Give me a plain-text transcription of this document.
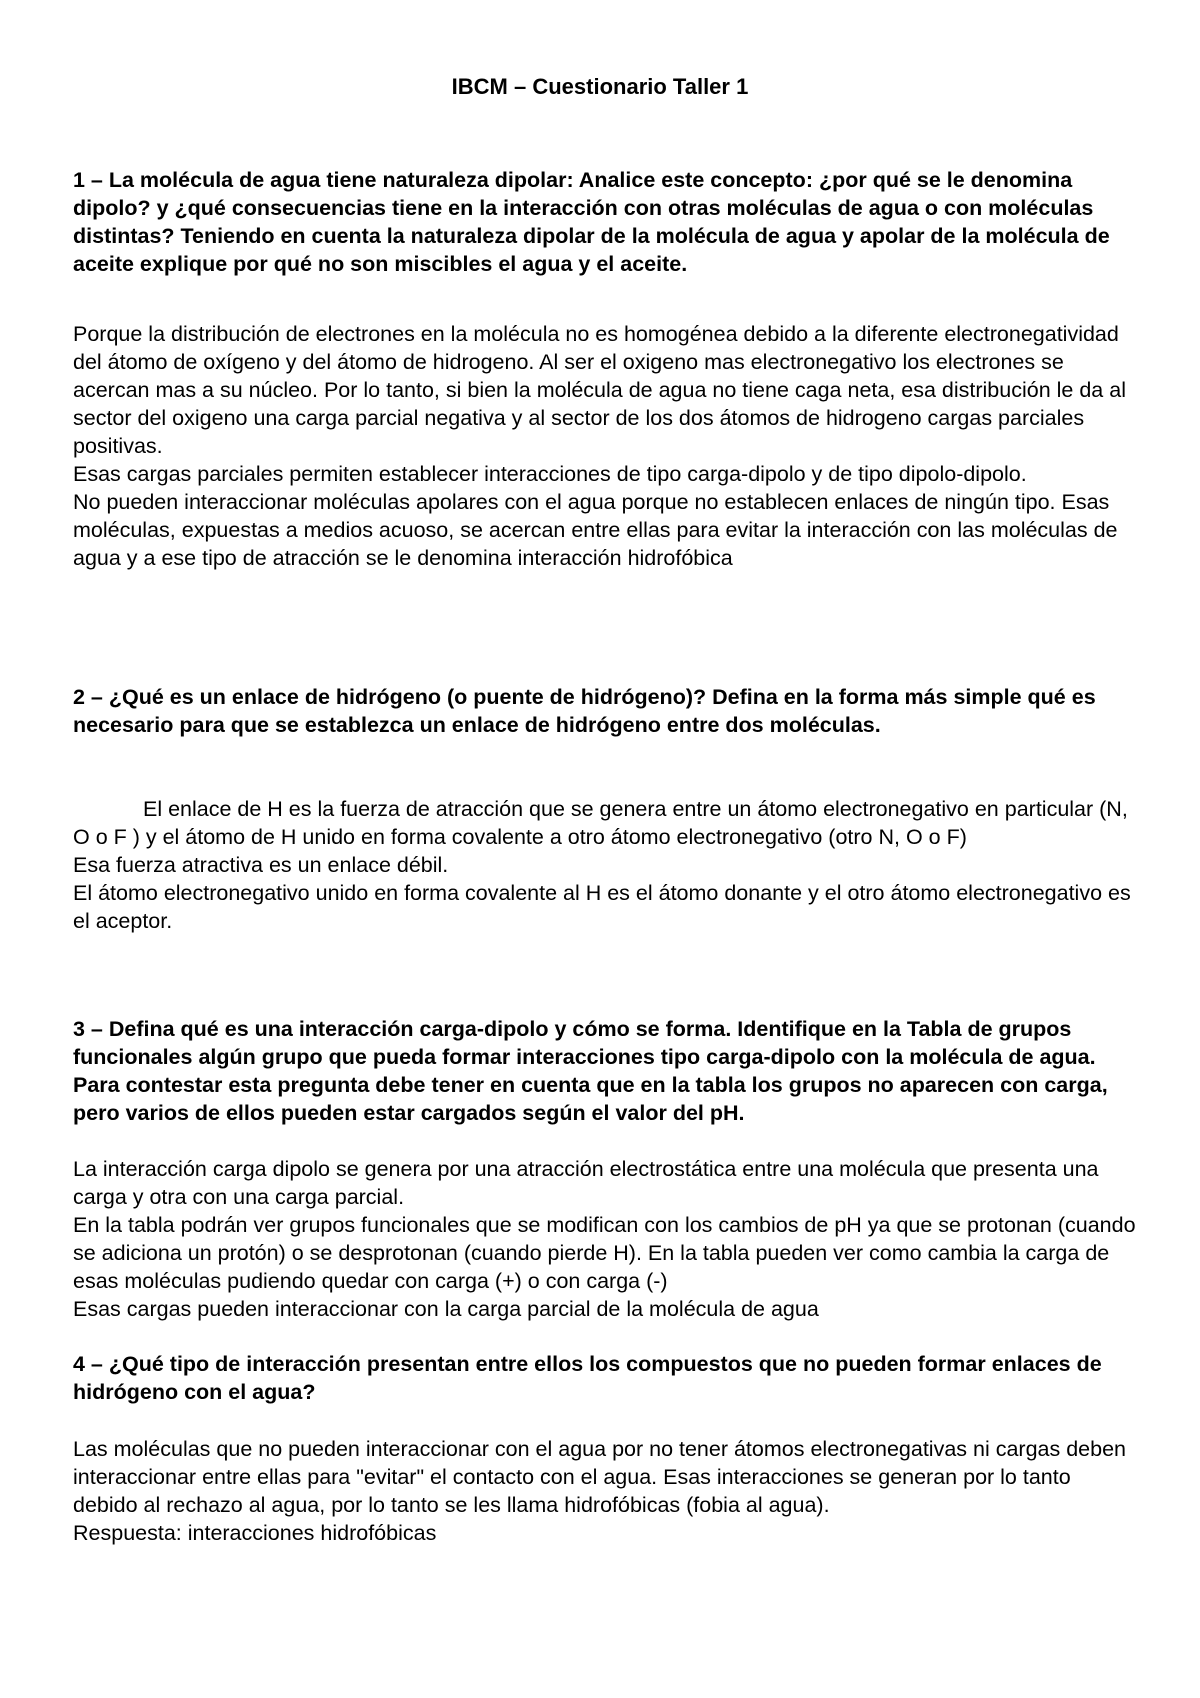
IBCM – Cuestionario Taller 1

1 – La molécula de agua tiene naturaleza dipolar: Analice este concepto: ¿por qué se le denomina dipolo? y ¿qué consecuencias tiene en la interacción con otras moléculas de agua o con moléculas distintas? Teniendo en cuenta la naturaleza dipolar de la molécula de agua y apolar de la molécula de aceite explique por qué no son miscibles el agua y el aceite.

Porque la distribución de electrones en la molécula no es homogénea debido a la diferente electronegatividad del átomo de oxígeno y del átomo de hidrogeno. Al ser el oxigeno mas electronegativo los electrones se acercan mas a su núcleo. Por lo tanto, si bien la molécula de agua no tiene caga neta, esa distribución le da al sector del oxigeno una carga parcial negativa y al sector de los dos átomos de hidrogeno cargas parciales positivas.

Esas cargas parciales permiten establecer interacciones de tipo carga-dipolo y de tipo dipolo-dipolo.

No pueden interaccionar moléculas apolares con el agua porque no establecen enlaces de ningún tipo. Esas moléculas, expuestas a medios acuoso, se acercan entre ellas para evitar la interacción con las moléculas de agua y a ese tipo de atracción se le denomina interacción hidrofóbica

2 – ¿Qué es un enlace de hidrógeno (o puente de hidrógeno)? Defina en la forma más simple qué es necesario para que se establezca un enlace de hidrógeno entre dos moléculas.

El enlace de H es la fuerza de atracción que se genera entre un átomo electronegativo en particular (N, O o F ) y el átomo de H unido en forma covalente a otro átomo electronegativo (otro N, O o F)

Esa fuerza atractiva es un enlace débil.

El átomo electronegativo unido en forma covalente al H es el átomo donante y el otro átomo electronegativo es el aceptor.

3 – Defina qué es una interacción carga-dipolo y cómo se forma. Identifique en la Tabla de grupos funcionales algún grupo que pueda formar interacciones tipo carga-dipolo con la molécula de agua. Para contestar esta pregunta debe tener en cuenta que en la tabla los grupos no aparecen con carga, pero varios de ellos pueden estar cargados según el valor del pH.

La interacción carga dipolo se genera por una atracción electrostática entre una molécula que presenta una carga y otra con una carga parcial.

En la tabla podrán ver grupos funcionales que se modifican con los cambios de pH ya que se protonan (cuando se adiciona un protón) o se desprotonan (cuando pierde H). En la tabla pueden ver como cambia la carga de esas moléculas pudiendo quedar con carga (+) o con carga (-)

Esas cargas pueden interaccionar con la carga parcial de la molécula de agua

4 – ¿Qué tipo de interacción presentan entre ellos los compuestos que no pueden formar enlaces de hidrógeno con el agua?

Las moléculas que no pueden interaccionar con el agua por no tener átomos electronegativas ni cargas deben interaccionar entre ellas para "evitar" el contacto con el agua. Esas interacciones se generan por lo tanto debido al rechazo al agua, por lo tanto se les llama hidrofóbicas (fobia al agua).

Respuesta: interacciones hidrofóbicas
